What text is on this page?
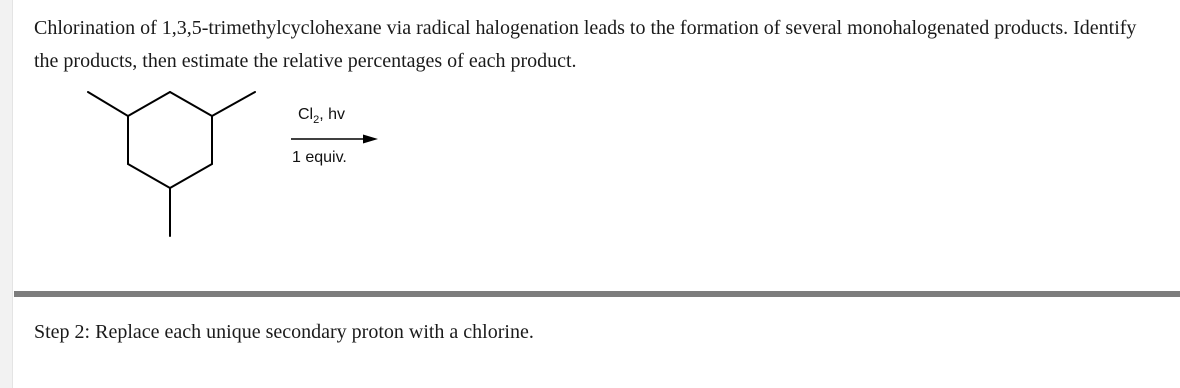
Chlorination of 1,3,5-trimethylcyclohexane via radical halogenation leads to the formation of several monohalogenated products. Identify the products, then estimate the relative percentages of each product.

$Cl_2$, hv
1 equiv.

Step 2: Replace each unique secondary proton with a chlorine.
